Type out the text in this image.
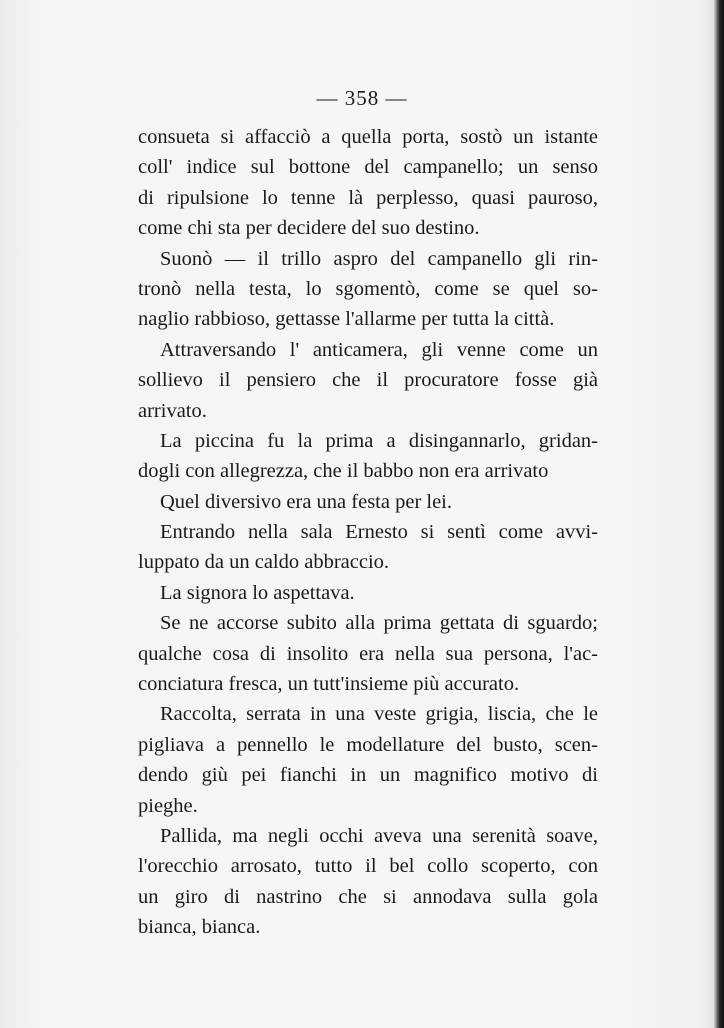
— 358 —
consueta si affacciò a quella porta, sostò un istante
coll' indice sul bottone del campanello; un senso
di ripulsione lo tenne là perplesso, quasi pauroso,
come chi sta per decidere del suo destino.
Suonò — il trillo aspro del campanello gli rin-
tronò nella testa, lo sgomentò, come se quel so-
naglio rabbioso, gettasse l'allarme per tutta la città.
Attraversando l' anticamera, gli venne come un
sollievo il pensiero che il procuratore fosse già
arrivato.
La piccina fu la prima a disingannarlo, gridan-
dogli con allegrezza, che il babbo non era arrivato
Quel diversivo era una festa per lei.
Entrando nella sala Ernesto si sentì come avvi-
luppato da un caldo abbraccio.
La signora lo aspettava.
Se ne accorse subito alla prima gettata di sguardo;
qualche cosa di insolito era nella sua persona, l'ac-
conciatura fresca, un tutt'insieme più accurato.
Raccolta, serrata in una veste grigia, liscia, che le
pigliava a pennello le modellature del busto, scen-
dendo giù pei fianchi in un magnifico motivo di
pieghe.
Pallida, ma negli occhi aveva una serenità soave,
l'orecchio arrosato, tutto il bel collo scoperto, con
un giro di nastrino che si annodava sulla gola
bianca, bianca.
